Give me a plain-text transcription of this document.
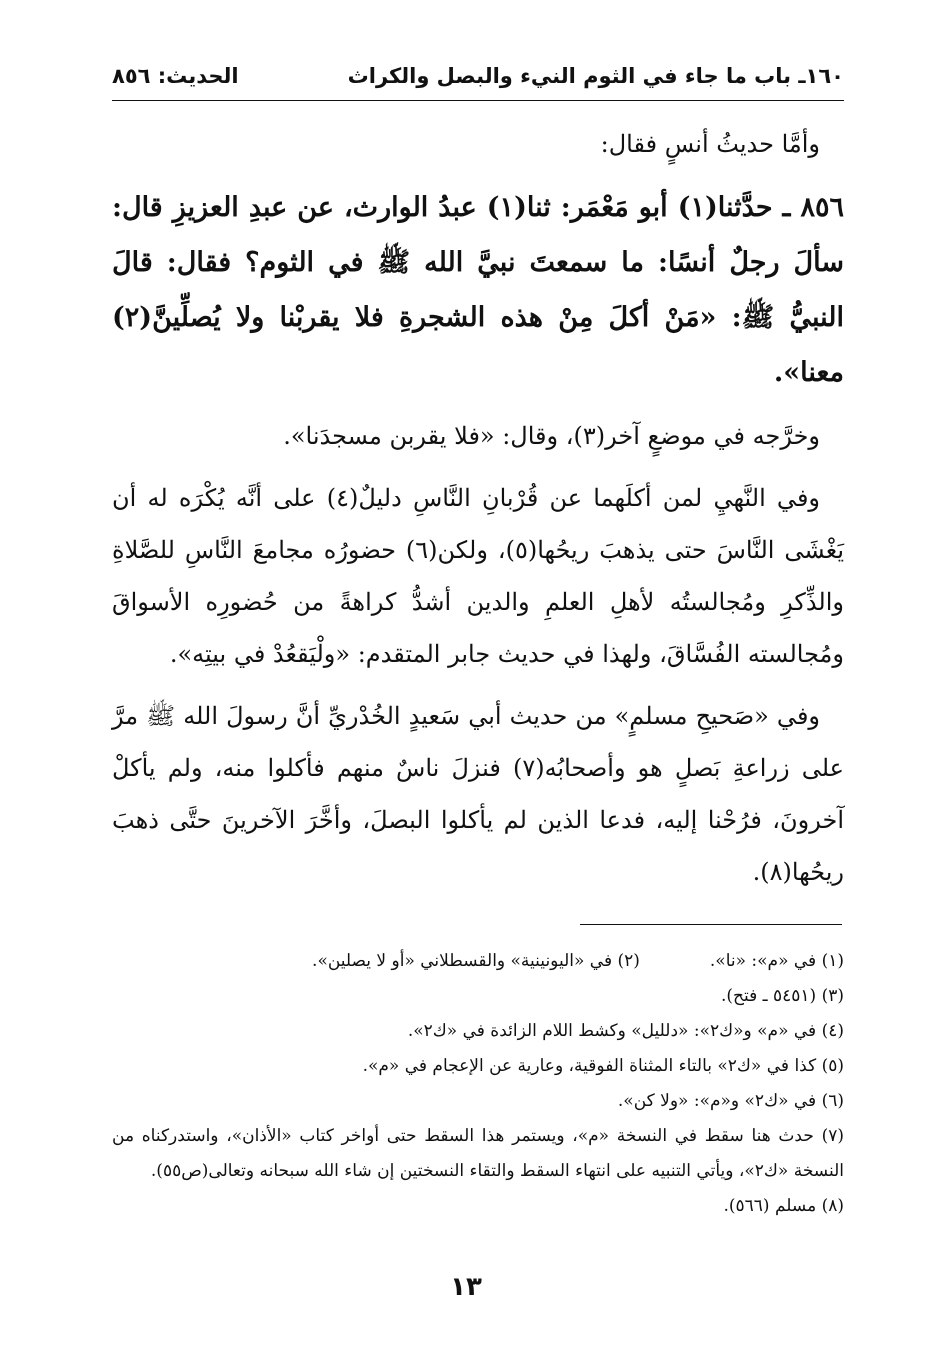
١٦٠ـ باب ما جاء في الثوم النيء والبصل والكراث
الحديث: ٨٥٦

وأمَّا حديثُ أنسٍ فقال:

٨٥٦ ـ حدَّثنا(١) أبو مَعْمَر: ثنا(١) عبدُ الوارث، عن عبدِ العزيزِ قال: سألَ رجلٌ أنسًا: ما سمعتَ نبيَّ الله ﷺ في الثوم؟ فقال: قالَ النبيُّ ﷺ: «مَنْ أكلَ مِنْ هذه الشجرةِ فلا يقربْنا ولا يُصلِّينَّ(٢) معنا».

وخرَّجه في موضعٍ آخر(٣)، وقال: «فلا يقربن مسجدَنا».

وفي النَّهيِ لمن أكلَهما عن قُرْبانِ النَّاسِ دليلٌ(٤) على أنَّه يُكْرَه له أن يَغْشَى النَّاسَ حتى يذهبَ ريحُها(٥)، ولكن(٦) حضورُه مجامعَ النَّاسِ للصَّلاةِ والذِّكرِ ومُجالستُه لأهلِ العلمِ والدين أشدُّ كراهةً من حُضورِه الأسواقَ ومُجالسته الفُسَّاقَ، ولهذا في حديث جابر المتقدم: «ولْيَقعُدْ في بيتِه».

وفي «صَحيحِ مسلمٍ» من حديث أبي سَعيدٍ الخُدْريِّ أنَّ رسولَ الله ﷺ مرَّ على زراعةِ بَصلٍ هو وأصحابُه(٧) فنزلَ ناسٌ منهم فأكلوا منه، ولم يأكلْ آخرونَ، فرُحْنا إليه، فدعا الذين لم يأكلوا البصلَ، وأخَّرَ الآخرينَ حتَّى ذهبَ ريحُها(٨).

(١) في «م»: «نا».(٢) في «اليونينية» والقسطلاني «أو لا يصلين».
(٣) (٥٤٥١ ـ فتح).
(٤) في «م» و«ك٢»: «دلليل» وكشط اللام الزائدة في «ك٢».
(٥) كذا في «ك٢» بالتاء المثناة الفوقية، وعارية عن الإعجام في «م».
(٦) في «ك٢» و«م»: «ولا كن».
(٧) حدث هنا سقط في النسخة «م»، ويستمر هذا السقط حتى أواخر كتاب «الأذان»، واستدركناه من النسخة «ك٢»، ويأتي التنبيه على انتهاء السقط والتقاء النسختين إن شاء الله سبحانه وتعالى(ص٥٥).
(٨) مسلم (٥٦٦).
١٣
